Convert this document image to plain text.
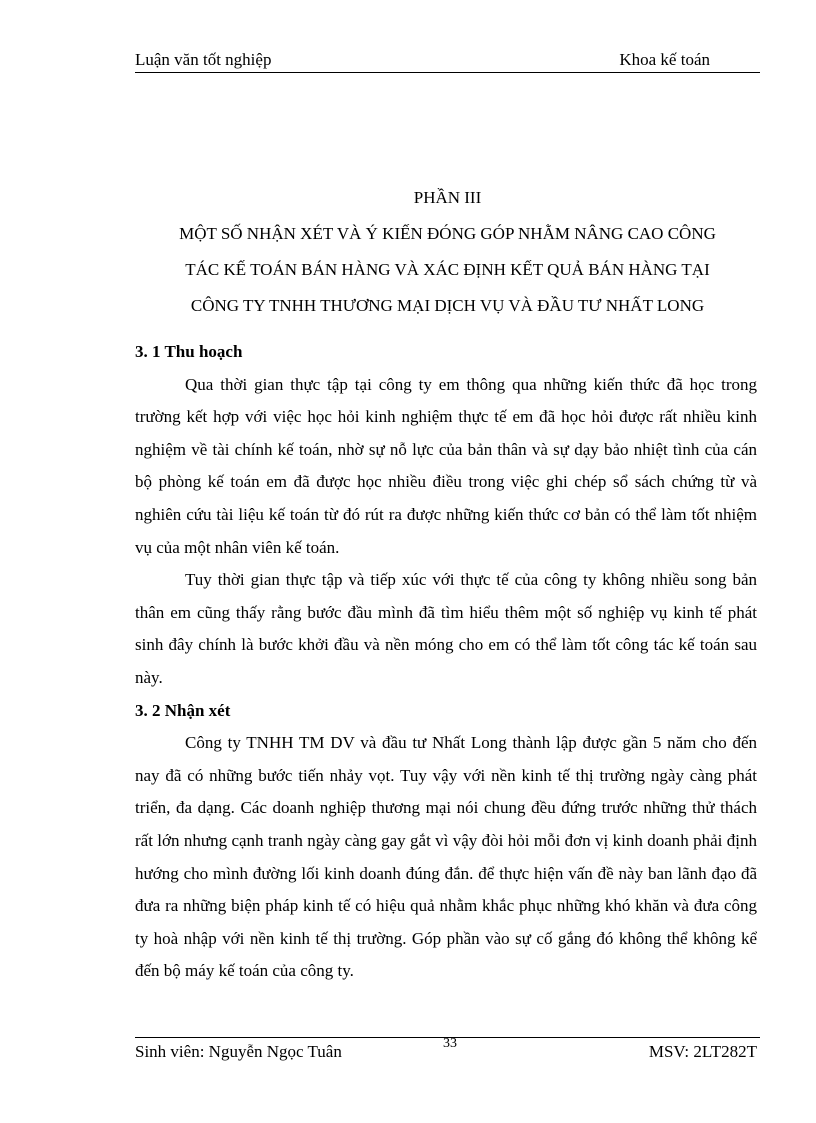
Luận văn tốt nghiệp	Khoa kế toán
PHẦN III
MỘT SỐ NHẬN XÉT VÀ Ý KIẾN ĐÓNG GÓP NHẰM NÂNG CAO CÔNG
TÁC KẾ TOÁN BÁN HÀNG VÀ XÁC ĐỊNH KẾT QUẢ BÁN HÀNG TẠI
CÔNG TY TNHH THƯƠNG MẠI DỊCH VỤ VÀ ĐẦU TƯ NHẤT LONG
3. 1 Thu hoạch

Qua thời gian thực tập tại công ty em thông qua những kiến thức đã học trong trường kết hợp với việc học hỏi kinh nghiệm thực tế em đã học hỏi được rất nhiều kinh nghiệm về tài chính kế toán, nhờ sự nỗ lực của bản thân và sự dạy bảo nhiệt tình của cán bộ phòng kế toán em đã được học nhiều điều trong việc ghi chép sổ sách chứng từ và nghiên cứu tài liệu kế toán từ đó rút ra được những kiến thức cơ bản có thể làm tốt nhiệm vụ của một nhân viên kế toán.

Tuy thời gian thực tập và tiếp xúc với thực tế của công ty không nhiều song bản thân em cũng thấy rằng bước đầu mình đã tìm hiểu thêm một số nghiệp vụ kinh tế phát sinh đây chính là bước khởi đầu và nền móng cho em có thể làm tốt công tác kế toán sau này.

3. 2 Nhận xét

Công ty TNHH TM DV và đầu tư Nhất Long thành lập được gần 5 năm cho đến nay đã có những bước tiến nhảy vọt. Tuy vậy với nền kinh tế thị trường ngày càng phát triển, đa dạng. Các doanh nghiệp thương mại nói chung đều đứng trước những thử thách rất lớn nhưng cạnh tranh ngày càng gay gắt vì vậy đòi hỏi mỗi đơn vị kinh doanh phải định hướng cho mình đường lối kinh doanh đúng đắn. để thực hiện vấn đề này ban lãnh đạo đã đưa ra những biện pháp kinh tế có hiệu quả nhằm khắc phục những khó khăn và đưa công ty hoà nhập với nền kinh tế thị trường. Góp phần vào sự cố gắng đó không thể không kể đến bộ máy kế toán của công ty.

Sinh viên: Nguyễn Ngọc Tuân	33	MSV: 2LT282T
